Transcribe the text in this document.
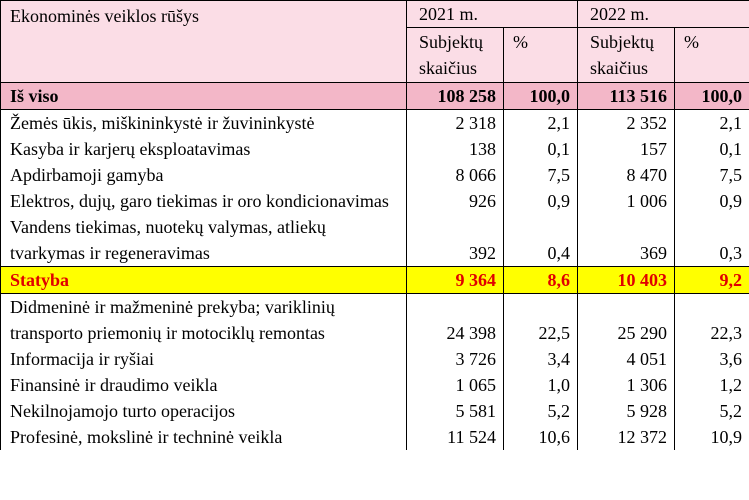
Ekonominės veiklos rūšys	2021 m.		2022 m.	
	Subjektų skaičius	%	Subjektų skaičius	%
Iš viso	108 258	100,0	113 516	100,0
Žemės ūkis, miškininkystė ir žuvininkystė	2 318	2,1	2 352	2,1
Kasyba ir karjerų eksploatavimas	138	0,1	157	0,1
Apdirbamoji gamyba	8 066	7,5	8 470	7,5
Elektros, dujų, garo tiekimas ir oro kondicionavimas	926	0,9	1 006	0,9
Vandens tiekimas, nuotekų valymas, atliekų tvarkymas ir regeneravimas	392	0,4	369	0,3
Statyba	9 364	8,6	10 403	9,2
Didmeninė ir mažmeninė prekyba; variklinių transporto priemonių ir motociklų remontas	24 398	22,5	25 290	22,3
Informacija ir ryšiai	3 726	3,4	4 051	3,6
Finansinė ir draudimo veikla	1 065	1,0	1 306	1,2
Nekilnojamojo turto operacijos	5 581	5,2	5 928	5,2
Profesinė, mokslinė ir techninė veikla	11 524	10,6	12 372	10,9
